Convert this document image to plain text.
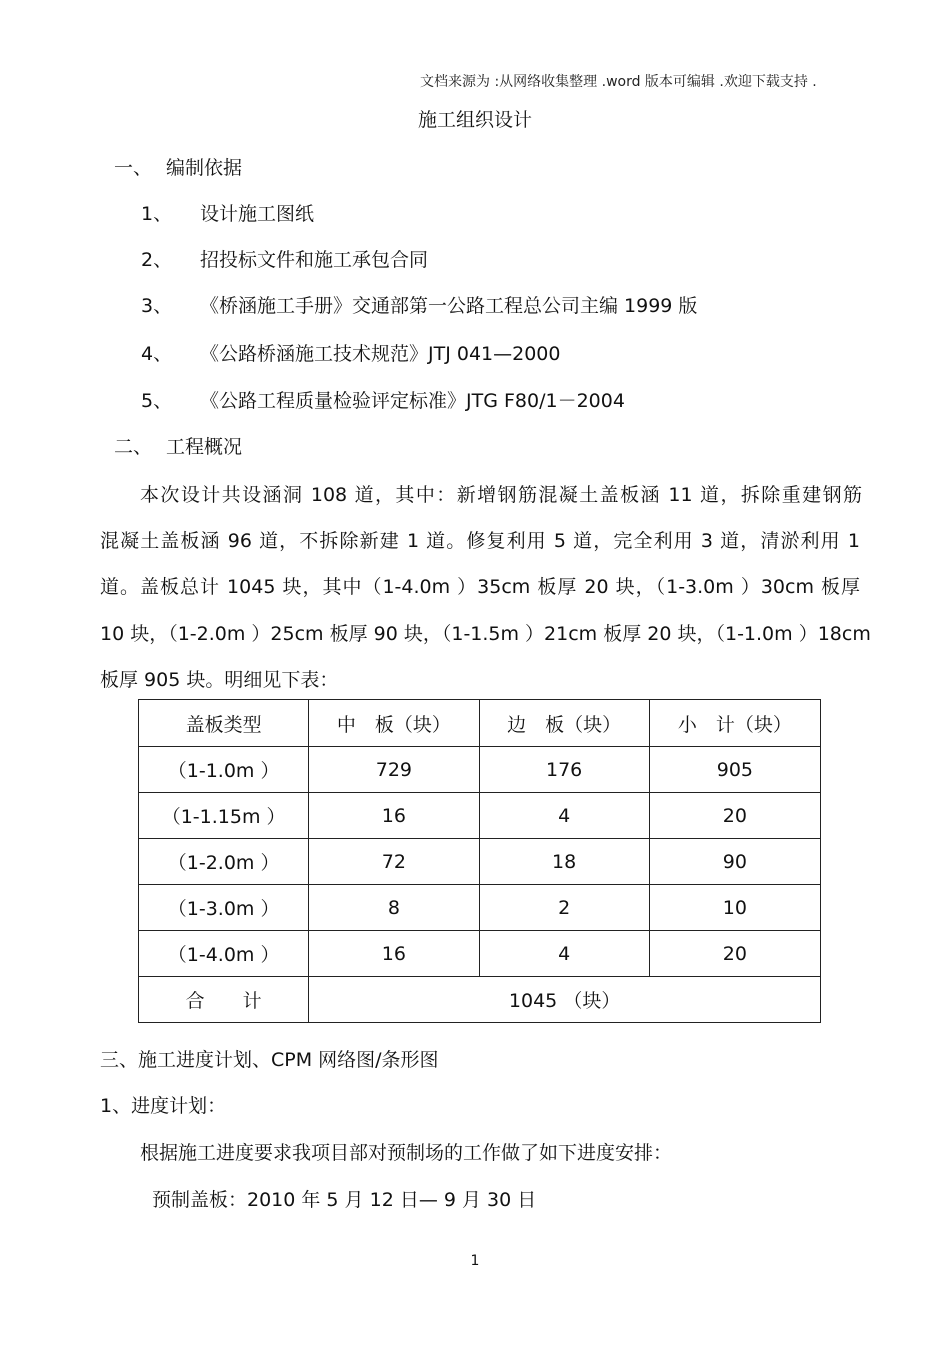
文档来源为 :从网络收集整理 .word 版本可编辑 .欢迎下载支持 .
施工组织设计
一、 编制依据
1、 设计施工图纸
2、 招投标文件和施工承包合同
3、 《桥涵施工手册》交通部第一公路工程总公司主编 1999 版
4、 《公路桥涵施工技术规范》JTJ 041—2000
5、 《公路工程质量检验评定标准》JTG F80/1－2004
二、 工程概况
本次设计共设涵洞 108 道，其中：新增钢筋混凝土盖板涵 11 道，拆除重建钢筋
混凝土盖板涵 96 道，不拆除新建 1 道。修复利用 5 道，完全利用 3 道，清淤利用 1
道。盖板总计 1045 块，其中（1-4.0m ）35cm 板厚 20 块，（1-3.0m ）30cm 板厚
10 块，（1-2.0m ）25cm 板厚 90 块，（1-1.5m ）21cm 板厚 20 块，（1-1.0m ）18cm
板厚 905 块。明细见下表：
盖板类型	中　板（块）	边　板（块）	小　计（块）
（1-1.0m ）	729	176	905
（1-1.15m ）	16	4	20
（1-2.0m ）	72	18	90
（1-3.0m ）	8	2	10
（1-4.0m ）	16	4	20
合　　计	1045 （块）		
三、施工进度计划、CPM 网络图/条形图
1、进度计划：
根据施工进度要求我项目部对预制场的工作做了如下进度安排：
预制盖板：2010 年 5 月 12 日— 9 月 30 日
1
